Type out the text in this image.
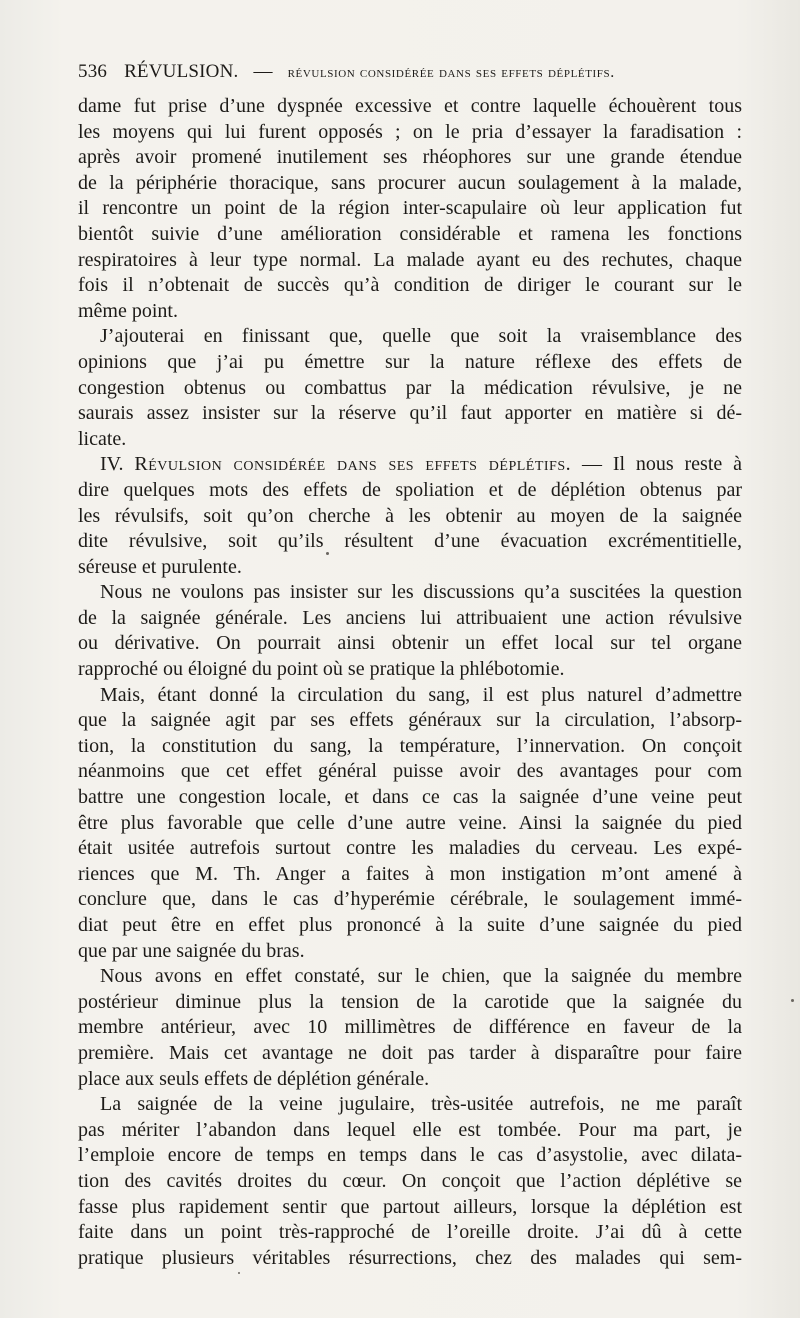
536 RÉVULSION. — révulsion considérée dans ses effets déplétifs.
dame fut prise d’une dyspnée excessive et contre laquelle échouèrent tous
les moyens qui lui furent opposés ; on le pria d’essayer la faradisation :
après avoir promené inutilement ses rhéophores sur une grande étendue
de la périphérie thoracique, sans procurer aucun soulagement à la malade,
il rencontre un point de la région inter-scapulaire où leur application fut
bientôt suivie d’une amélioration considérable et ramena les fonctions
respiratoires à leur type normal. La malade ayant eu des rechutes, chaque
fois il n’obtenait de succès qu’à condition de diriger le courant sur le
même point.
J’ajouterai en finissant que, quelle que soit la vraisemblance des
opinions que j’ai pu émettre sur la nature réflexe des effets de
congestion obtenus ou combattus par la médication révulsive, je ne
saurais assez insister sur la réserve qu’il faut apporter en matière si dé-
licate.
IV. Révulsion considérée dans ses effets déplétifs. — Il nous reste à
dire quelques mots des effets de spoliation et de déplétion obtenus par
les révulsifs, soit qu’on cherche à les obtenir au moyen de la saignée
dite révulsive, soit qu’ils résultent d’une évacuation excrémentitielle,
séreuse et purulente.
Nous ne voulons pas insister sur les discussions qu’a suscitées la question
de la saignée générale. Les anciens lui attribuaient une action révulsive
ou dérivative. On pourrait ainsi obtenir un effet local sur tel organe
rapproché ou éloigné du point où se pratique la phlébotomie.
Mais, étant donné la circulation du sang, il est plus naturel d’admettre
que la saignée agit par ses effets généraux sur la circulation, l’absorp-
tion, la constitution du sang, la température, l’innervation. On conçoit
néanmoins que cet effet général puisse avoir des avantages pour com
battre une congestion locale, et dans ce cas la saignée d’une veine peut
être plus favorable que celle d’une autre veine. Ainsi la saignée du pied
était usitée autrefois surtout contre les maladies du cerveau. Les expé-
riences que M. Th. Anger a faites à mon instigation m’ont amené à
conclure que, dans le cas d’hyperémie cérébrale, le soulagement immé-
diat peut être en effet plus prononcé à la suite d’une saignée du pied
que par une saignée du bras.
Nous avons en effet constaté, sur le chien, que la saignée du membre
postérieur diminue plus la tension de la carotide que la saignée du
membre antérieur, avec 10 millimètres de différence en faveur de la
première. Mais cet avantage ne doit pas tarder à disparaître pour faire
place aux seuls effets de déplétion générale.
La saignée de la veine jugulaire, très-usitée autrefois, ne me paraît
pas mériter l’abandon dans lequel elle est tombée. Pour ma part, je
l’emploie encore de temps en temps dans le cas d’asystolie, avec dilata-
tion des cavités droites du cœur. On conçoit que l’action déplétive se
fasse plus rapidement sentir que partout ailleurs, lorsque la déplétion est
faite dans un point très-rapproché de l’oreille droite. J’ai dû à cette
pratique plusieurs véritables résurrections, chez des malades qui sem-
